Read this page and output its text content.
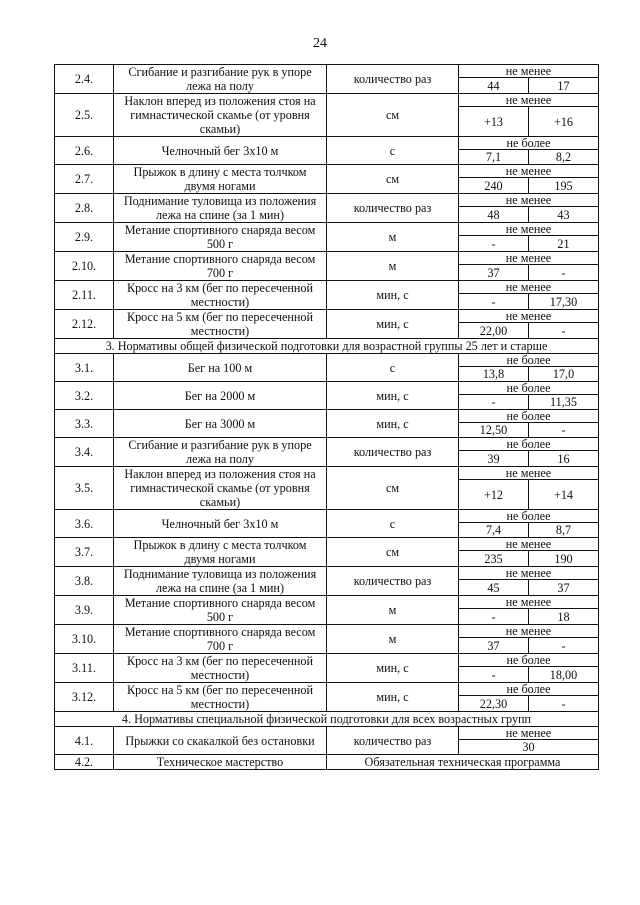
24
2.4.	Сгибание и разгибание рук в упоре лежа на полу	количество раз	не менее	
			44	17
2.5.	Наклон вперед из положения стоя на гимнастической скамье (от уровня скамьи)	см	не менее	
			+13	+16
2.6.	Челночный бег 3х10 м	с	не более	
			7,1	8,2
2.7.	Прыжок в длину с места толчком двумя ногами	см	не менее	
			240	195
2.8.	Поднимание туловища из положения лежа на спине (за 1 мин)	количество раз	не менее	
			48	43
2.9.	Метание спортивного снаряда весом 500 г	м	не менее	
			-	21
2.10.	Метание спортивного снаряда весом 700 г	м	не менее	
			37	-
2.11.	Кросс на 3 км (бег по пересеченной местности)	мин, с	не менее	
			-	17,30
2.12.	Кросс на 5 км (бег по пересеченной местности)	мин, с	не менее	
			22,00	-
3. Нормативы общей физической подготовки для возрастной группы 25 лет и старше				
3.1.	Бег на 100 м	с	не более	
			13,8	17,0
3.2.	Бег на 2000 м	мин, с	не более	
			-	11,35
3.3.	Бег на 3000 м	мин, с	не более	
			12,50	-
3.4.	Сгибание и разгибание рук в упоре лежа на полу	количество раз	не более	
			39	16
3.5.	Наклон вперед из положения стоя на гимнастической скамье (от уровня скамьи)	см	не менее	
			+12	+14
3.6.	Челночный бег 3х10 м	с	не более	
			7,4	8,7
3.7.	Прыжок в длину с места толчком двумя ногами	см	не менее	
			235	190
3.8.	Поднимание туловища из положения лежа на спине (за 1 мин)	количество раз	не менее	
			45	37
3.9.	Метание спортивного снаряда весом 500 г	м	не менее	
			-	18
3.10.	Метание спортивного снаряда весом 700 г	м	не менее	
			37	-
3.11.	Кросс на 3 км (бег по пересеченной местности)	мин, с	не более	
			-	18,00
3.12.	Кросс на 5 км (бег по пересеченной местности)	мин, с	не более	
			22,30	-
4. Нормативы специальной физической подготовки для всех возрастных групп				
4.1.	Прыжки со скакалкой без остановки	количество раз	не менее	
			30	
4.2.	Техническое мастерство	Обязательная техническая программа		
